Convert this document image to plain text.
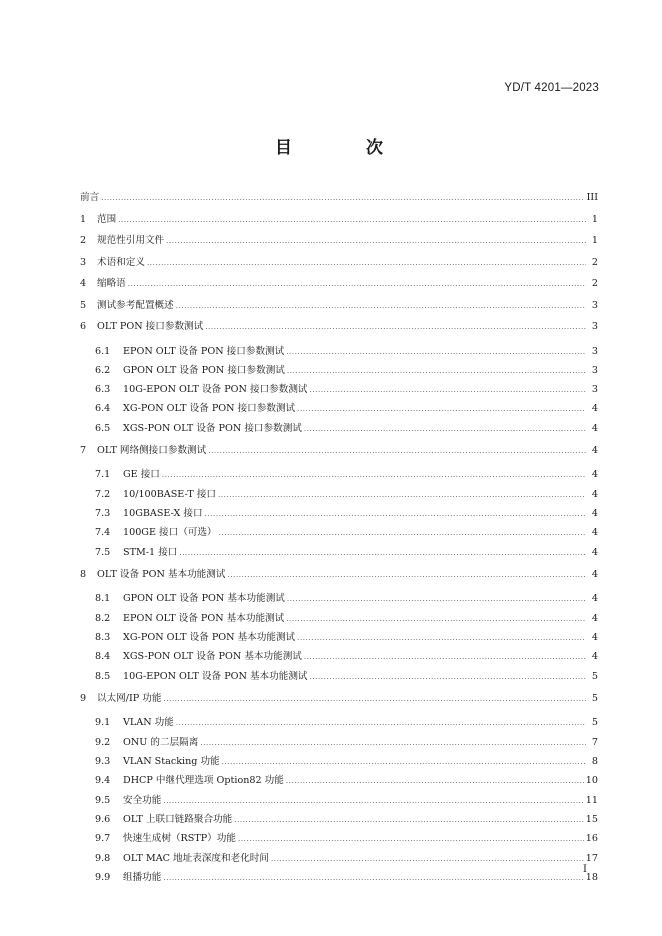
YD/T 4201—2023
目 次
前言 .....	III
1	范围 .....	1
2	规范性引用文件 .....	1
3	术语和定义 .....	2
4	缩略语 .....	2
5	测试参考配置概述 .....	3
6	OLT PON 接口参数测试 .....	3
6.1	EPON OLT 设备 PON 接口参数测试 .....	3
6.2	GPON OLT 设备 PON 接口参数测试 .....	3
6.3	10G-EPON OLT 设备 PON 接口参数测试 .....	3
6.4	XG-PON OLT 设备 PON 接口参数测试 .....	4
6.5	XGS-PON OLT 设备 PON 接口参数测试 .....	4
7	OLT 网络侧接口参数测试 .....	4
7.1	GE 接口 .....	4
7.2	10/100BASE-T 接口 .....	4
7.3	10GBASE-X 接口 .....	4
7.4	100GE 接口（可选） .....	4
7.5	STM-1 接口 .....	4
8	OLT 设备 PON 基本功能测试 .....	4
8.1	GPON OLT 设备 PON 基本功能测试 .....	4
8.2	EPON OLT 设备 PON 基本功能测试 .....	4
8.3	XG-PON OLT 设备 PON 基本功能测试 .....	4
8.4	XGS-PON OLT 设备 PON 基本功能测试 .....	4
8.5	10G-EPON OLT 设备 PON 基本功能测试 .....	5
9	以太网/IP 功能 .....	5
9.1	VLAN 功能 .....	5
9.2	ONU 的二层隔离 .....	7
9.3	VLAN Stacking 功能 .....	8
9.4	DHCP 中继代理选项 Option82 功能 .....	10
9.5	安全功能 .....	11
9.6	OLT 上联口链路聚合功能 .....	15
9.7	快速生成树（RSTP）功能 .....	16
9.8	OLT MAC 地址表深度和老化时间 .....	17
9.9	组播功能 .....	18
I
